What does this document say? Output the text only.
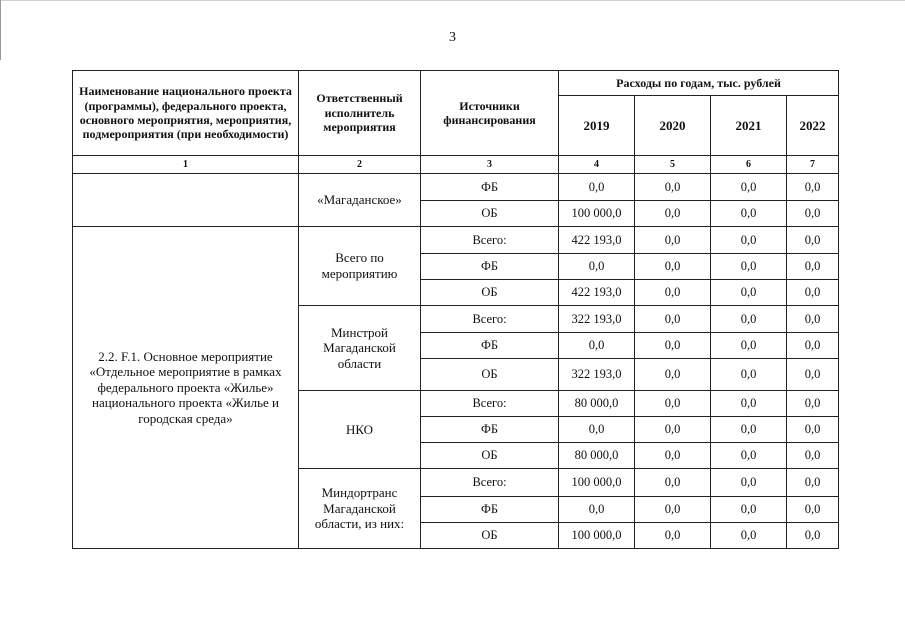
3
Наименование национального проекта (программы), федерального проекта, основного мероприятия, мероприятия, подмероприятия (при необходимости)	Ответственный исполнитель мероприятия	Источники финансирования	Расходы по годам, тыс. рублей			
			2019	2020	2021	2022
1	2	3	4	5	6	7
	«Магаданское»	ФБ	0,0	0,0	0,0	0,0
		ОБ	100 000,0	0,0	0,0	0,0
2.2. F.1. Основное мероприятие «Отдельное мероприятие в рамках федерального проекта «Жилье» национального проекта «Жилье и городская среда»	Всего по мероприятию	Всего:	422 193,0	0,0	0,0	0,0
		ФБ	0,0	0,0	0,0	0,0
		ОБ	422 193,0	0,0	0,0	0,0
	Минстрой Магаданской области	Всего:	322 193,0	0,0	0,0	0,0
		ФБ	0,0	0,0	0,0	0,0
		ОБ	322 193,0	0,0	0,0	0,0
	НКО	Всего:	80 000,0	0,0	0,0	0,0
		ФБ	0,0	0,0	0,0	0,0
		ОБ	80 000,0	0,0	0,0	0,0
	Миндортранс Магаданской области, из них:	Всего:	100 000,0	0,0	0,0	0,0
		ФБ	0,0	0,0	0,0	0,0
		ОБ	100 000,0	0,0	0,0	0,0
